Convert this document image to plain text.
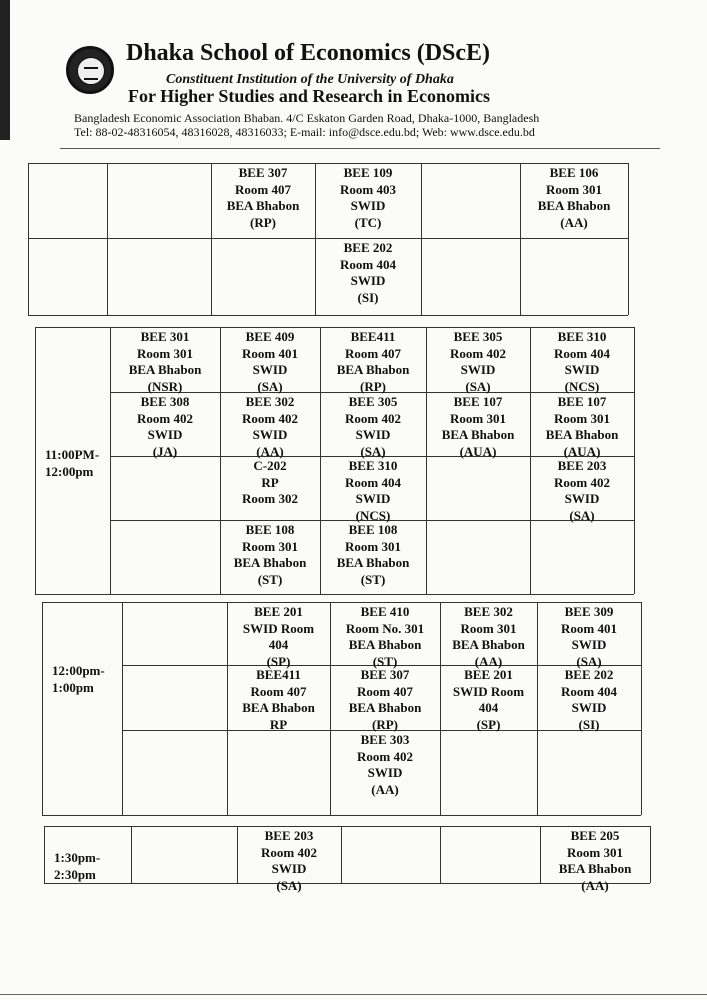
Dhaka School of Economics (DScE)
Constituent Institution of the University of Dhaka
For Higher Studies and Research in Economics
Bangladesh Economic Association Bhaban. 4/C Eskaton Garden Road, Dhaka-1000, Bangladesh
Tel: 88-02-48316054, 48316028, 48316033; E-mail: info@dsce.edu.bd; Web: www.dsce.edu.bd
BEE 307
Room 407
BEA Bhabon
(RP)
BEE 109
Room 403
SWID
(TC)
BEE 106
Room 301
BEA Bhabon
(AA)
BEE 202
Room 404
SWID
(SI)
11:00PM-
12:00pm
BEE 301
Room 301
BEA Bhabon
(NSR)
BEE 409
Room 401
SWID
(SA)
BEE411
Room 407
BEA Bhabon
(RP)
BEE 305
Room 402
SWID
(SA)
BEE 310
Room 404
SWID
(NCS)
BEE 308
Room 402
SWID
(JA)
BEE 302
Room 402
SWID
(AA)
BEE 305
Room 402
SWID
(SA)
BEE 107
Room 301
BEA Bhabon
(AUA)
BEE 107
Room 301
BEA Bhabon
(AUA)
C-202
RP
Room 302
BEE 310
Room 404
SWID
(NCS)
BEE 203
Room 402
SWID
(SA)
BEE 108
Room 301
BEA Bhabon
(ST)
BEE 108
Room 301
BEA Bhabon
(ST)
12:00pm-
1:00pm
BEE 201
SWID Room
404
(SP)
BEE 410
Room No. 301
BEA Bhabon
(ST)
BEE 302
Room 301
BEA Bhabon
(AA)
BEE 309
Room 401
SWID
(SA)
BEE411
Room 407
BEA Bhabon
RP
BEE 307
Room 407
BEA Bhabon
(RP)
BEE 201
SWID Room
404
(SP)
BEE 202
Room 404
SWID
(SI)
BEE 303
Room 402
SWID
(AA)
1:30pm-
2:30pm
BEE 203
Room 402
SWID
(SA)
BEE 205
Room 301
BEA Bhabon
(AA)
